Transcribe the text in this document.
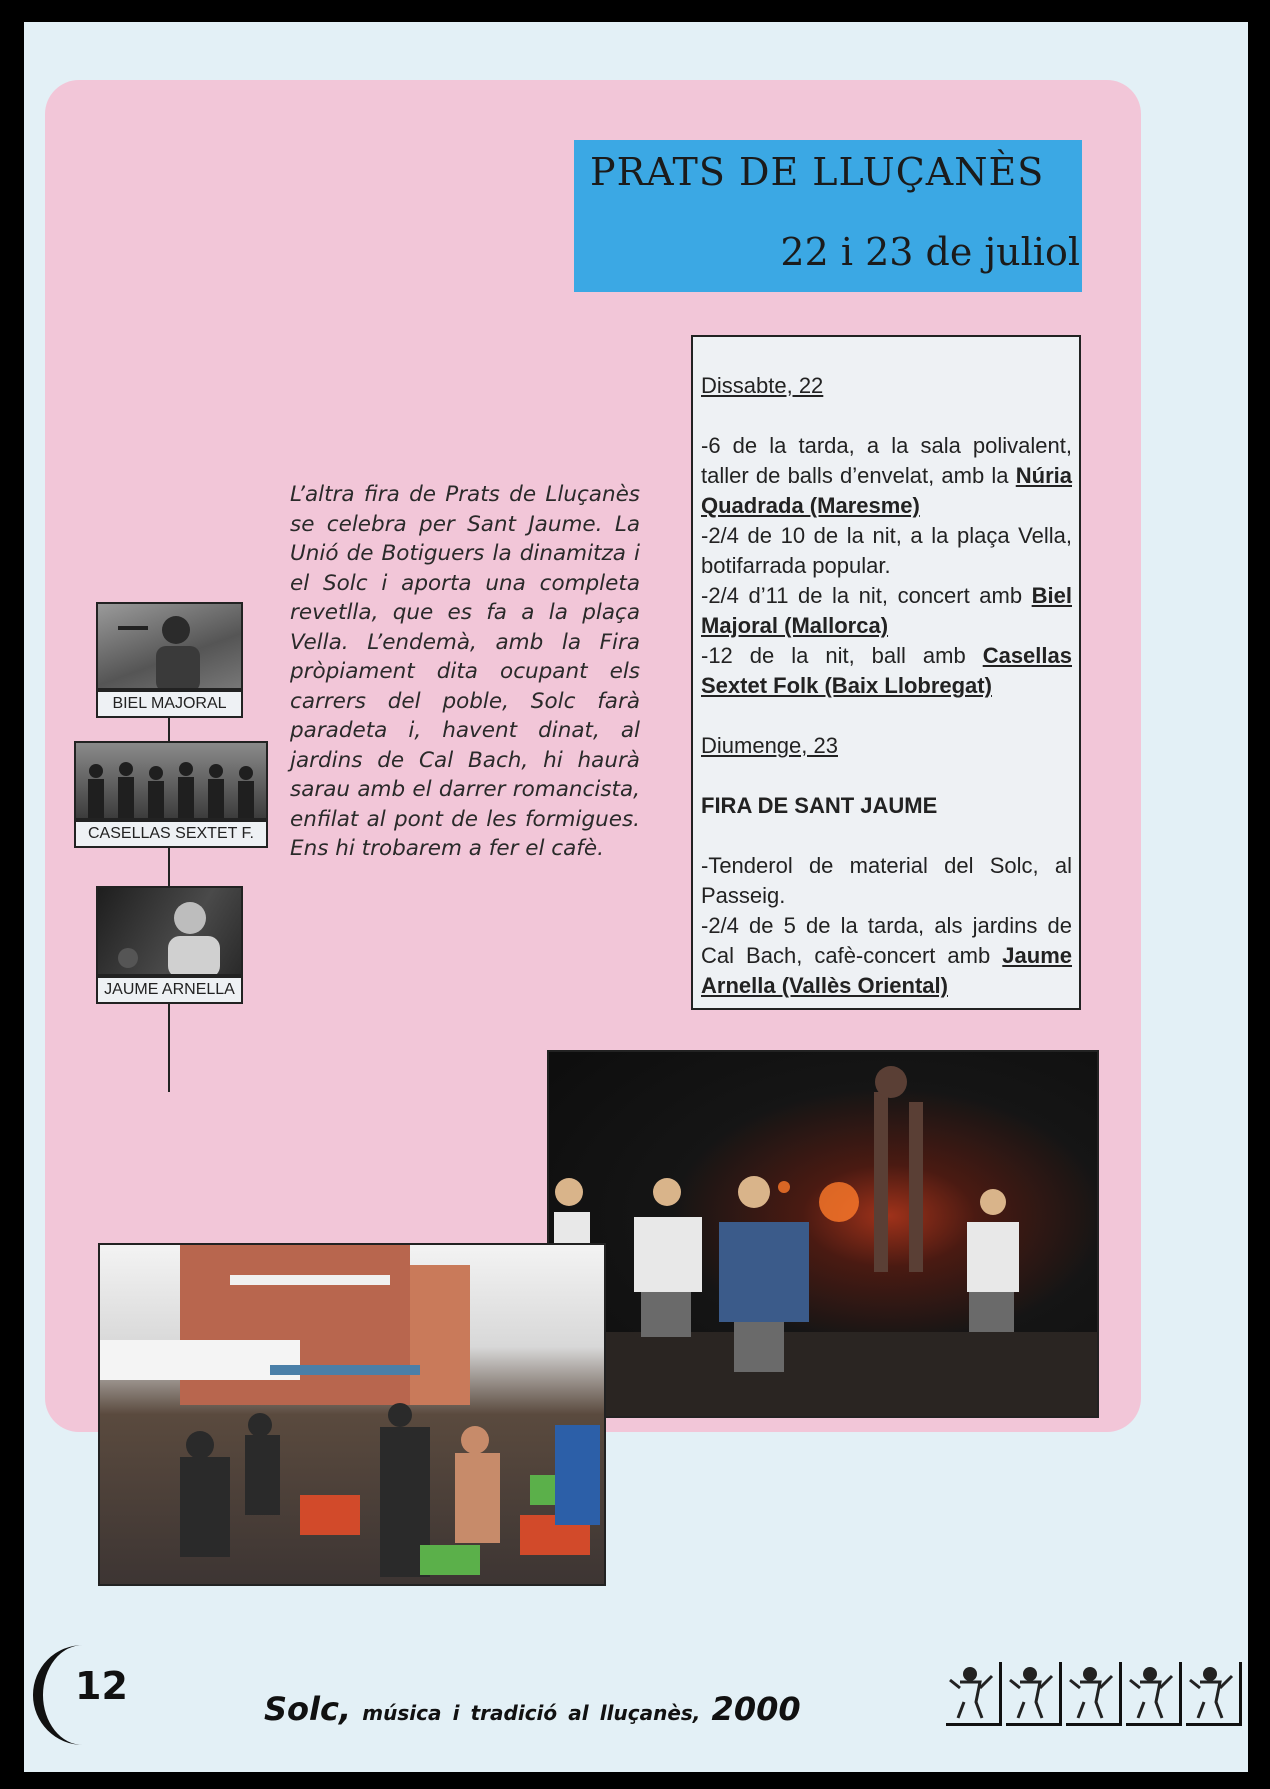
PRATS DE LLUÇANÈS
22 i 23 de juliol

L’altra fira de Prats de Lluçanès se celebra per Sant Jaume. La Unió de Botiguers la dinamitza i el Solc i aporta una completa revetlla, que es fa a la plaça Vella. L’endemà, amb la Fira pròpiament dita ocupant els carrers del poble, Solc farà paradeta i, havent dinat, al jardins de Cal Bach, hi haurà sarau amb el darrer romancista, enfilat al pont de les formigues. Ens hi trobarem a fer el cafè.

Dissabte, 22

-6 de la tarda, a la sala polivalent, taller de balls d’envelat, amb la Núria Quadrada (Maresme)

-2/4 de 10 de la nit, a la plaça Vella, botifarrada popular.

-2/4 d’11 de la nit, concert amb Biel Majoral (Mallorca)

-12 de la nit, ball amb Casellas Sextet Folk (Baix Llobregat)

Diumenge, 23
FIRA DE SANT JAUME

-Tenderol de material del Solc, al Passeig.

-2/4 de 5 de la tarda, als jardins de Cal Bach, cafè-concert amb Jaume Arnella (Vallès Oriental)

BIEL MAJORAL
CASELLAS SEXTET F.
JAUME ARNELLA
12
Solc, música i tradició al lluçanès, 2000
